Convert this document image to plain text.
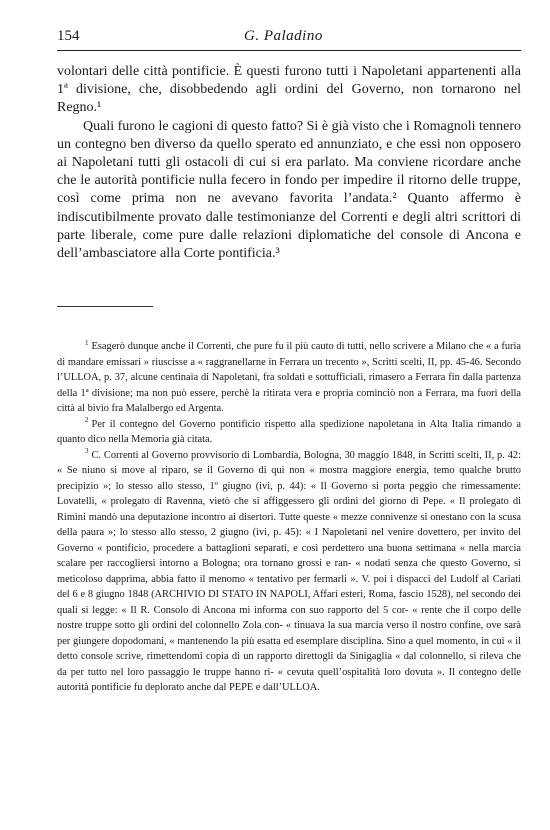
154	G. Paladino

volontari delle città pontificie. È questi furono tutti i Napoletani appartenenti alla 1ª divisione, che, disobbedendo agli ordini del Governo, non tornarono nel Regno.¹

Quali furono le cagioni di questo fatto? Si è già visto che i Romagnoli tennero un contegno ben diverso da quello sperato ed annunziato, e che essi non opposero ai Napoletani tutti gli ostacoli di cui si era parlato. Ma conviene ricordare anche che le autorità pontificie nulla fecero in fondo per impedire il ritorno delle truppe, così come prima non ne avevano favorita l’andata.² Quanto affermo è indiscutibilmente provato dalle testimonianze del Correnti e degli altri scrittori di parte liberale, come pure dalle relazioni diplomatiche del console di Ancona e dell’ambasciatore alla Corte pontificia.³

$^1$ Esagerò dunque anche il Correnti, che pure fu il più cauto di tutti, nello scrivere a Milano che « a furia di mandare emissari » riuscisse a « raggranellarne in Ferrara un trecento », Scritti scelti, II, pp. 45-46. Secondo l’ULLOA, p. 37, alcune centinaia di Napoletani, fra soldati e sottufficiali, rimasero a Ferrara fin dalla partenza della 1ª divisione; ma non può essere, perchè la ritirata vera e propria cominciò non a Ferrara, ma fuori della città al bivio fra Malalbergo ed Argenta.

$^2$ Per il contegno del Governo pontificio rispetto alla spedizione napoletana in Alta Italia rimando a quanto dico nella Memoria già citata.

$^3$ C. Correnti al Governo provvisorio di Lombardia, Bologna, 30 maggio 1848, in Scritti scelti, II, p. 42: « Se niuno si move al riparo, se il Governo di qui non « mostra maggiore energia, temo qualche brutto precipizio »; lo stesso allo stesso, 1º giugno (ivi, p. 44): « Il Governo si porta peggio che rimessamente: Lovatelli, « prolegato di Ravenna, vietò che si affiggessero gli ordini del giorno di Pepe. « Il prolegato di Rimini mandò una deputazione incontro ai disertori. Tutte queste « mezze connivenze si onestano con la scusa della paura »; lo stesso allo stesso, 2 giugno (ivi, p. 45): « I Napoletani nel venire dovettero, per invito del Governo « pontificio, procedere a battaglioni separati, e così perdettero una buona settimana « nella marcia scalare per raccogliersi intorno a Bologna; ora tornano grossi e ran- « nodati senza che questo Governo, sì meticoloso dapprima, abbia fatto il menomo « tentativo per fermarli ». V. poi i dispacci del Ludolf al Cariati del 6 e 8 giugno 1848 (ARCHIVIO DI STATO IN NAPOLI, Affari esteri, Roma, fascio 1528), nel secondo dei quali si legge: « Il R. Consolo di Ancona mi informa con suo rapporto del 5 cor- « rente che il corpo delle nostre truppe sotto gli ordini del colonnello Zola con- « tinuava la sua marcia verso il nostro confine, ove sarà per giungere dopodomani, « mantenendo la più esatta ed esemplare disciplina. Sino a quel momento, in cui « il detto console scrive, rimettendomi copia di un rapporto direttogli da Sinigaglia « dal colonnello, si rileva che da per tutto nel loro passaggio le truppe hanno ri- « cevuta quell’ospitalità loro dovuta ». Il contegno delle autorità pontificie fu deplorato anche dal PEPE e dall’ULLOA.
